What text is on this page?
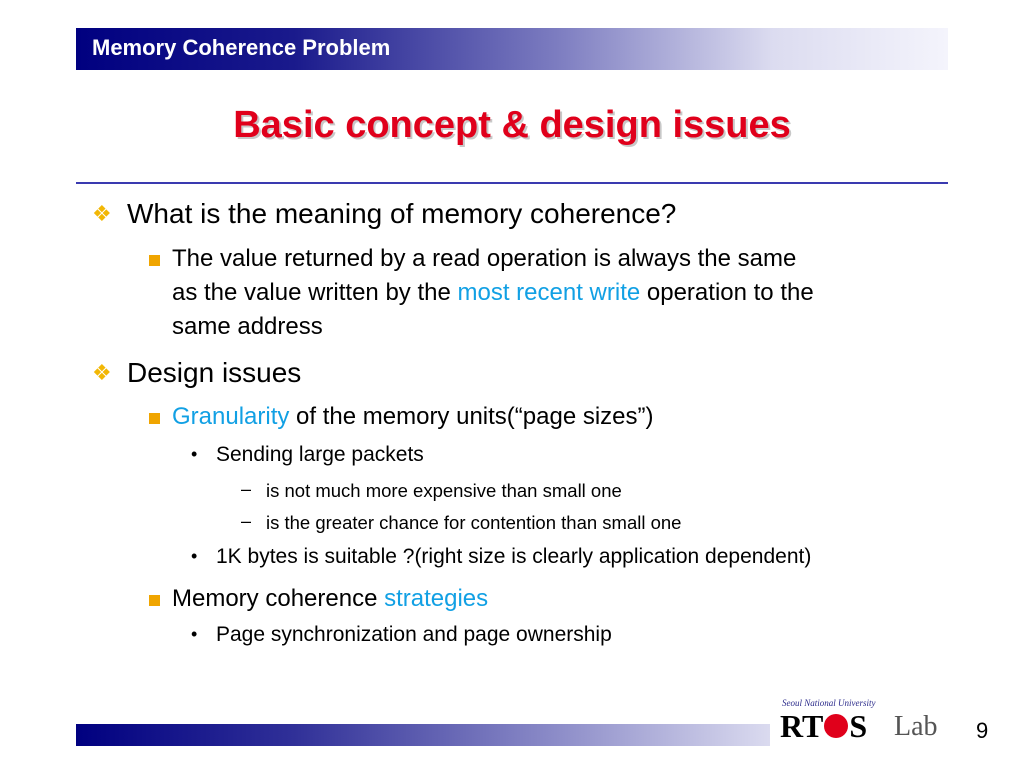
Memory Coherence Problem
Basic concept & design issues
❖ What is the meaning of memory coherence?
The value returned by a read operation is always the same
as the value written by the most recent write operation to the
same address
❖ Design issues
Granularity of the memory units(“page sizes”)
• Sending large packets
– is not much more expensive than small one
– is the greater chance for contention than small one
• 1K bytes is suitable ?(right size is clearly application dependent)
Memory coherence strategies
• Page synchronization and page ownership
Seoul National University
RT S Lab 9
